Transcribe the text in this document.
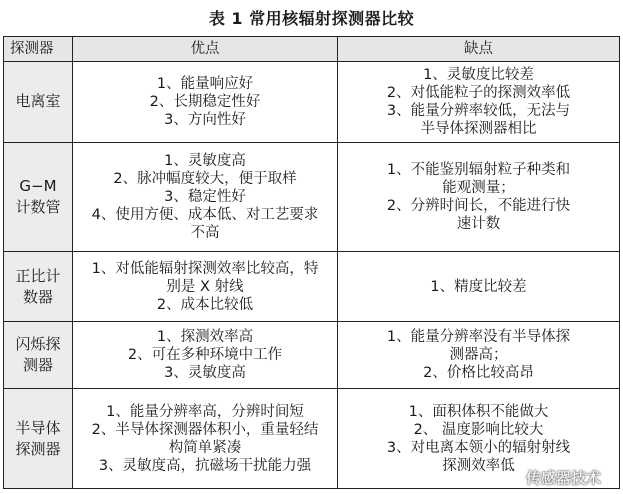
表 1 常用核辐射探测器比较
探测器	优点	缺点

电离室	1、能量响应好
2、长期稳定性好
3、方向性好	1、灵敏度比较差
2、对低能粒子的探测效率低
3、能量分辨率较低，无法与
半导体探测器相比

G−M
计数管	1、灵敏度高
2、脉冲幅度较大，便于取样
3、稳定性好
4、使用方便、成本低、对工艺要求
不高	1、不能鉴别辐射粒子种类和
能观测量；
2、分辨时间长，不能进行快
速计数

正比计
数器	1、对低能辐射探测效率比较高，特
别是 X 射线
2、成本比较低	1、精度比较差

闪烁探
测器	1、探测效率高
2、可在多种环境中工作
3、灵敏度高	1、能量分辨率没有半导体探
测器高；
2、价格比较高昂

半导体
探测器	1、能量分辨率高，分辨时间短
2、半导体探测器体积小，重量轻结
构简单紧凑
3、灵敏度高，抗磁场干扰能力强	1、面积体积不能做大
2、 温度影响比较大
3、对电离本领小的辐射射线
探测效率低
传感器技术
